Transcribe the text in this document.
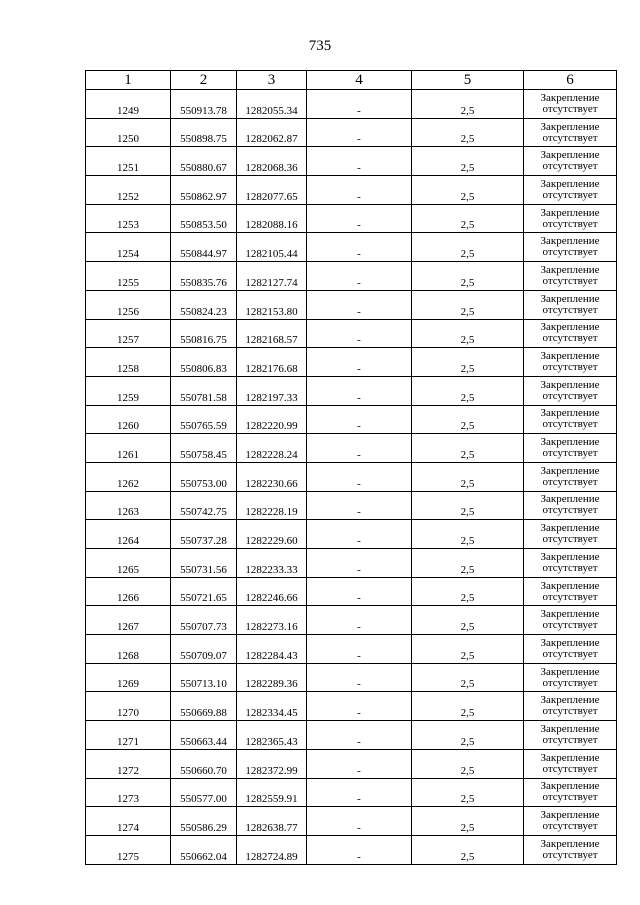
735
1	2	3	4	5	6
1249	550913.78	1282055.34	-	2,5	Закрепление
отсутствует

1250	550898.75	1282062.87	-	2,5	Закрепление
отсутствует

1251	550880.67	1282068.36	-	2,5	Закрепление
отсутствует

1252	550862.97	1282077.65	-	2,5	Закрепление
отсутствует

1253	550853.50	1282088.16	-	2,5	Закрепление
отсутствует

1254	550844.97	1282105.44	-	2,5	Закрепление
отсутствует

1255	550835.76	1282127.74	-	2,5	Закрепление
отсутствует

1256	550824.23	1282153.80	-	2,5	Закрепление
отсутствует

1257	550816.75	1282168.57	-	2,5	Закрепление
отсутствует

1258	550806.83	1282176.68	-	2,5	Закрепление
отсутствует

1259	550781.58	1282197.33	-	2,5	Закрепление
отсутствует

1260	550765.59	1282220.99	-	2,5	Закрепление
отсутствует

1261	550758.45	1282228.24	-	2,5	Закрепление
отсутствует

1262	550753.00	1282230.66	-	2,5	Закрепление
отсутствует

1263	550742.75	1282228.19	-	2,5	Закрепление
отсутствует

1264	550737.28	1282229.60	-	2,5	Закрепление
отсутствует

1265	550731.56	1282233.33	-	2,5	Закрепление
отсутствует

1266	550721.65	1282246.66	-	2,5	Закрепление
отсутствует

1267	550707.73	1282273.16	-	2,5	Закрепление
отсутствует

1268	550709.07	1282284.43	-	2,5	Закрепление
отсутствует

1269	550713.10	1282289.36	-	2,5	Закрепление
отсутствует

1270	550669.88	1282334.45	-	2,5	Закрепление
отсутствует

1271	550663.44	1282365.43	-	2,5	Закрепление
отсутствует

1272	550660.70	1282372.99	-	2,5	Закрепление
отсутствует

1273	550577.00	1282559.91	-	2,5	Закрепление
отсутствует

1274	550586.29	1282638.77	-	2,5	Закрепление
отсутствует

1275	550662.04	1282724.89	-	2,5	Закрепление
отсутствует
